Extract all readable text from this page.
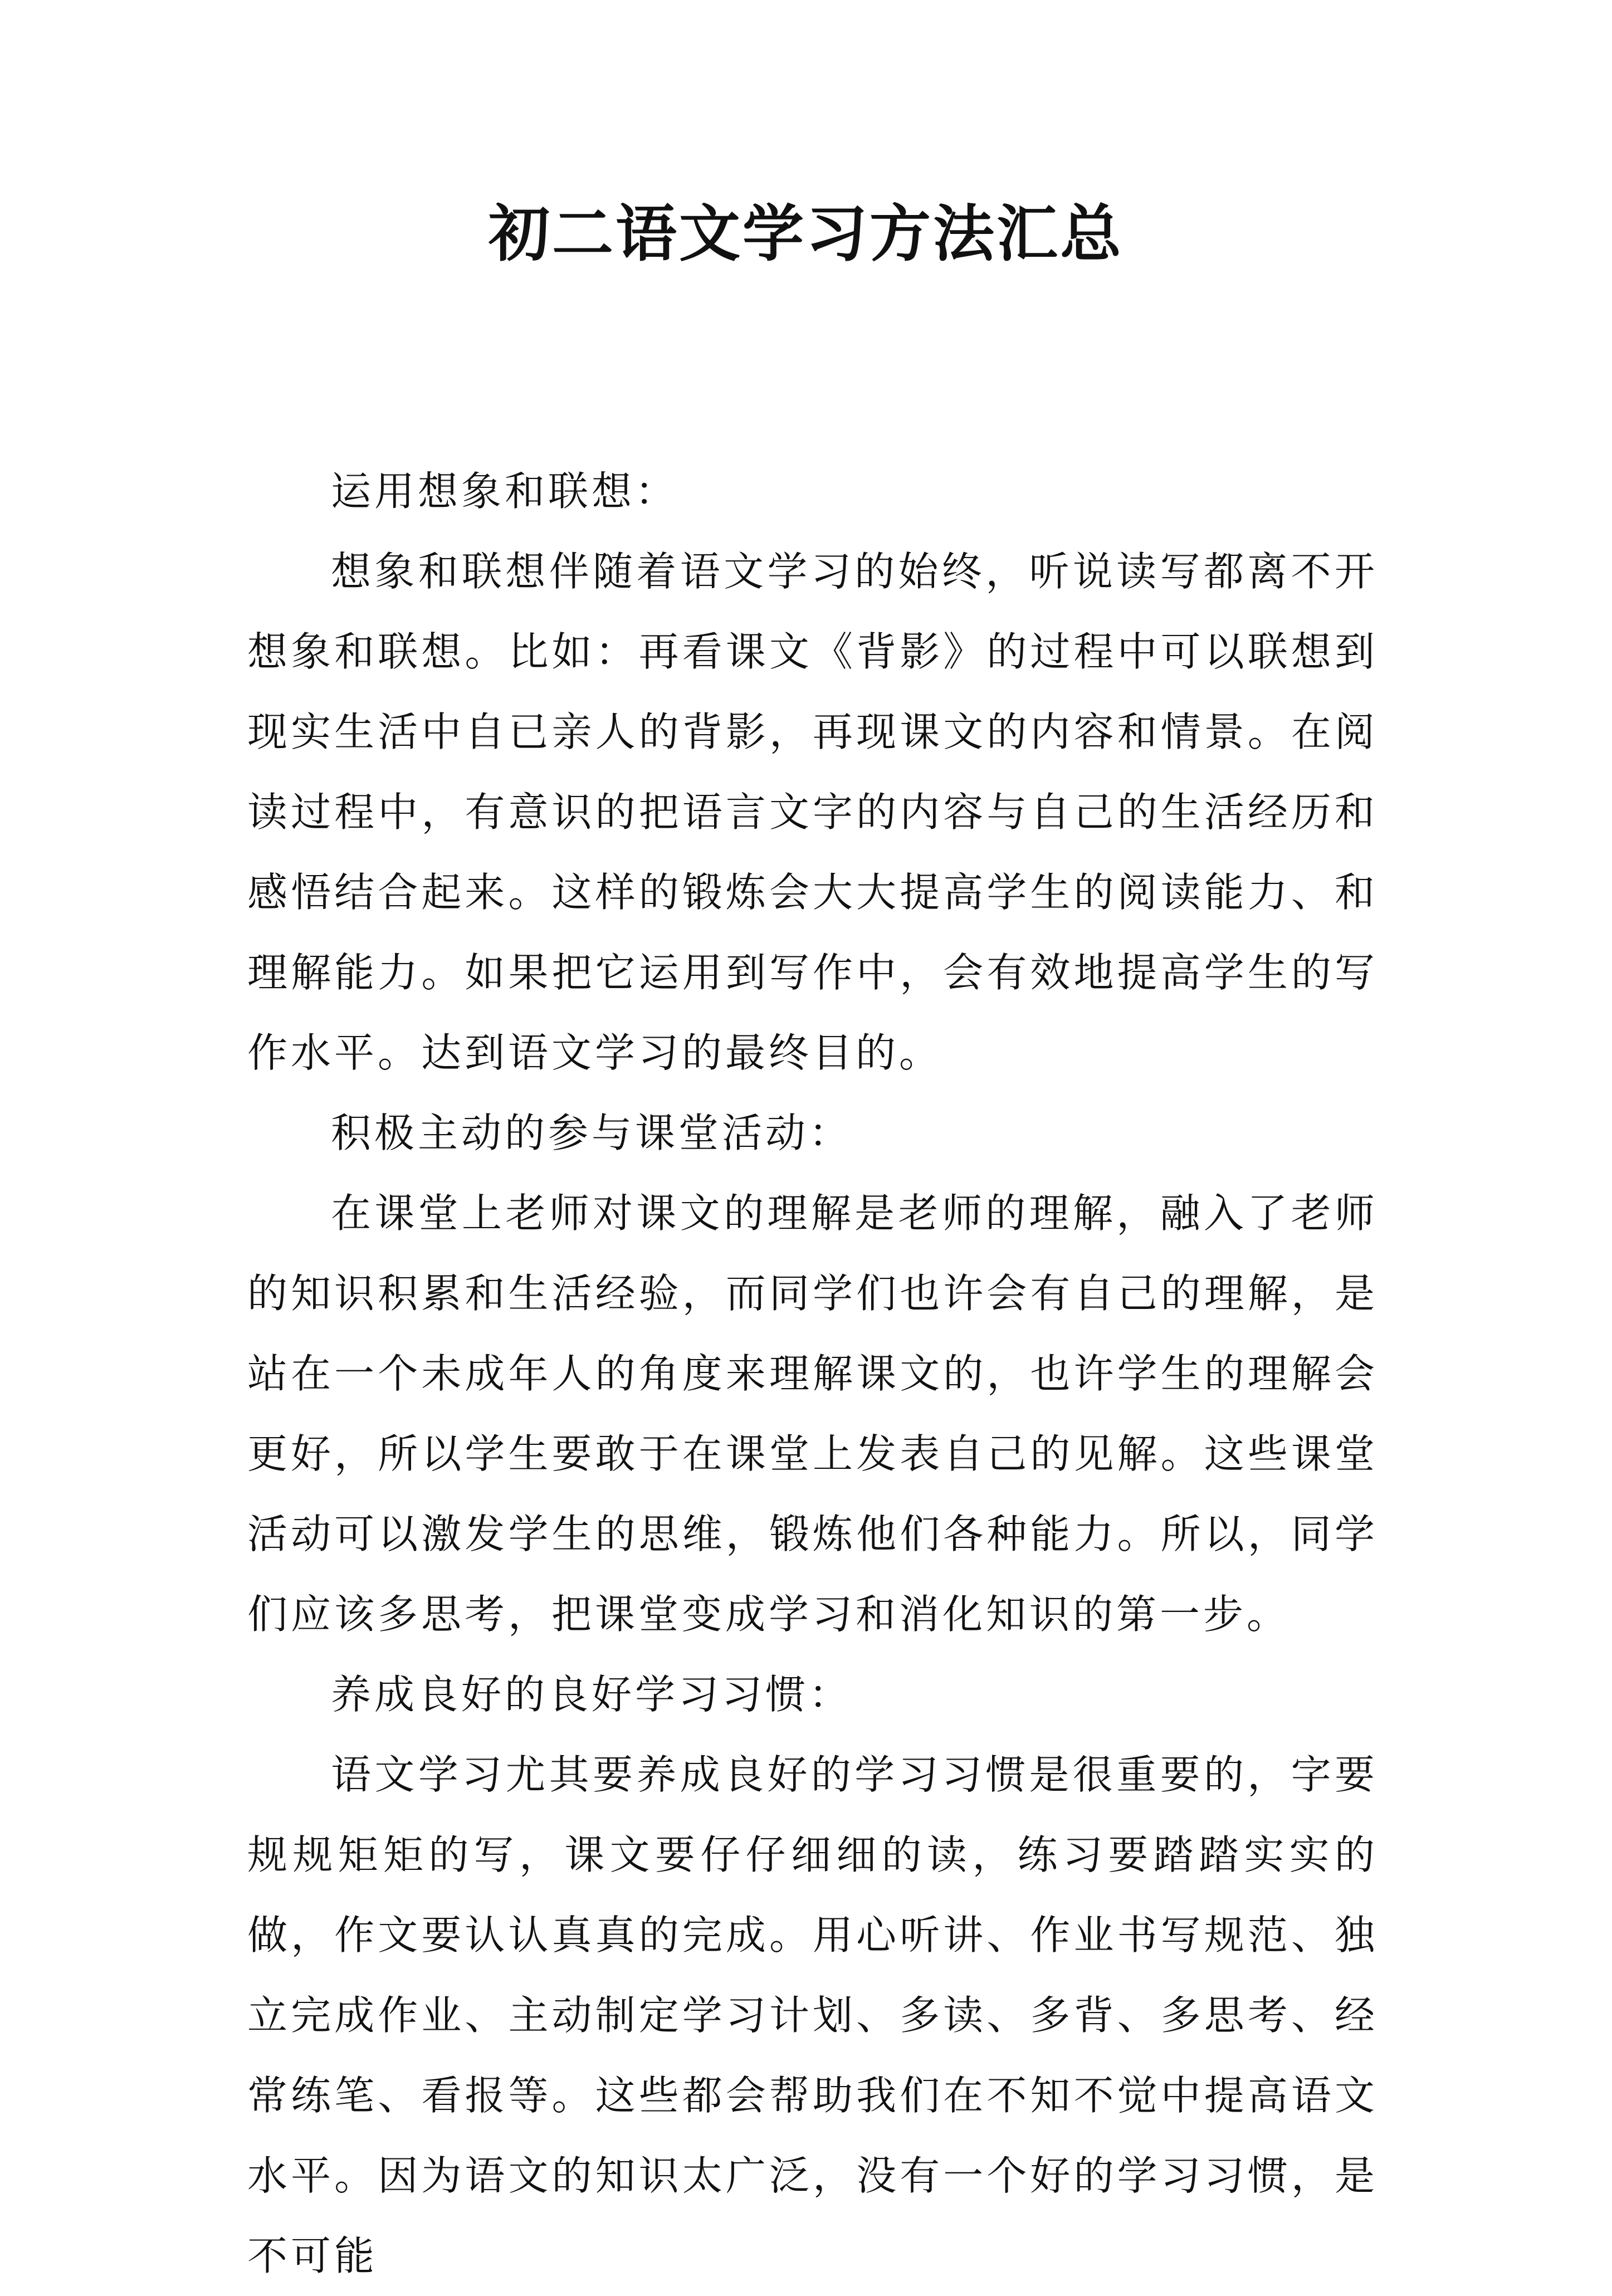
初二语文学习方法汇总

运用想象和联想：

想象和联想伴随着语文学习的始终，听说读写都离不开想象和联想。比如：再看课文《背影》的过程中可以联想到现实生活中自已亲人的背影，再现课文的内容和情景。在阅读过程中，有意识的把语言文字的内容与自己的生活经历和感悟结合起来。这样的锻炼会大大提高学生的阅读能力、和理解能力。如果把它运用到写作中，会有效地提高学生的写作水平。达到语文学习的最终目的。

积极主动的参与课堂活动：

在课堂上老师对课文的理解是老师的理解，融入了老师的知识积累和生活经验，而同学们也许会有自己的理解，是站在一个未成年人的角度来理解课文的，也许学生的理解会更好，所以学生要敢于在课堂上发表自己的见解。这些课堂活动可以激发学生的思维，锻炼他们各种能力。所以，同学们应该多思考，把课堂变成学习和消化知识的第一步。

养成良好的良好学习习惯：

语文学习尤其要养成良好的学习习惯是很重要的，字要规规矩矩的写，课文要仔仔细细的读，练习要踏踏实实的做，作文要认认真真的完成。用心听讲、作业书写规范、独立完成作业、主动制定学习计划、多读、多背、多思考、经常练笔、看报等。这些都会帮助我们在不知不觉中提高语文水平。因为语文的知识太广泛，没有一个好的学习习惯，是不可能
